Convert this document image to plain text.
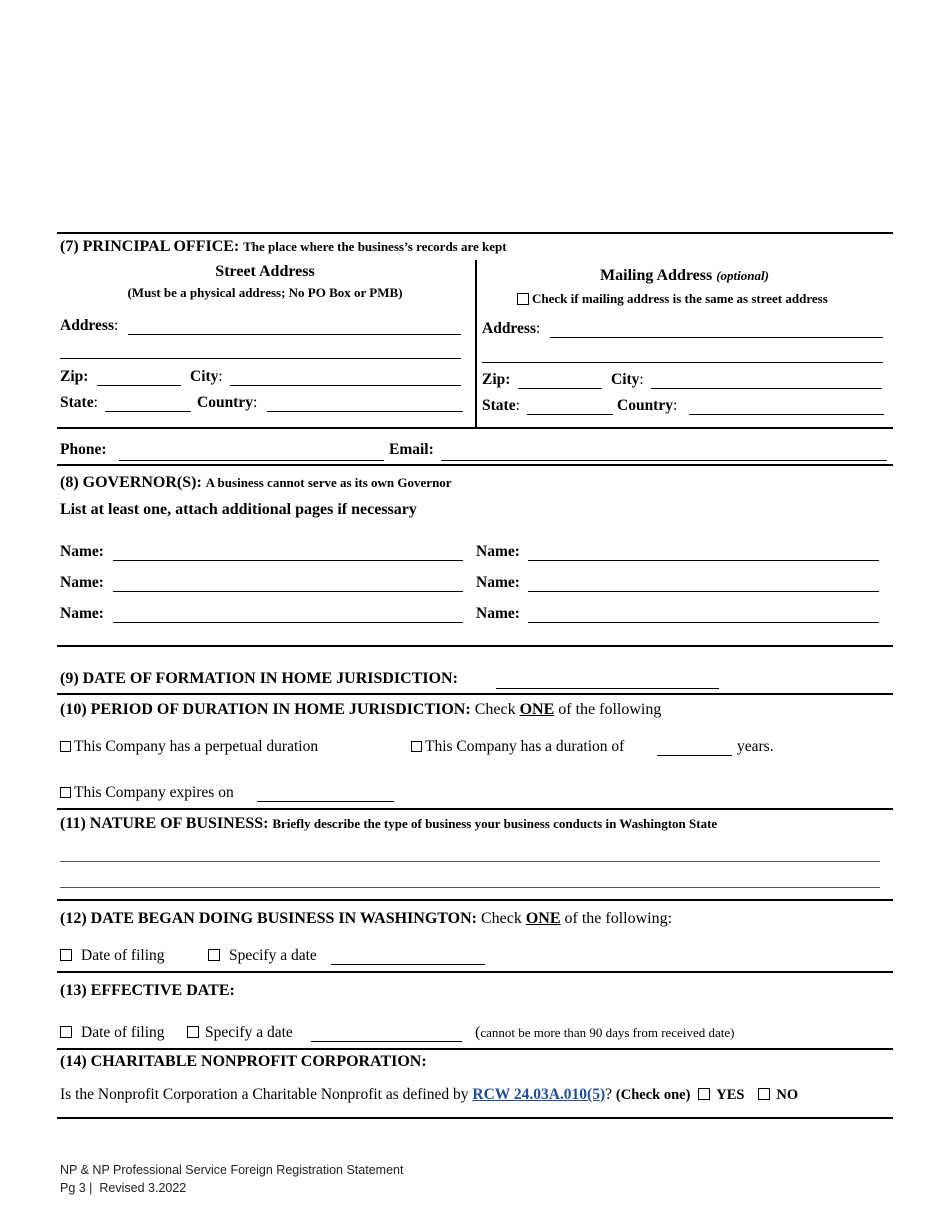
(7) PRINCIPAL OFFICE: The place where the business’s records are kept
Street Address
(Must be a physical address; No PO Box or PMB)
Address:
Zip:	City:
State:	Country:
Mailing Address (optional)
Check if mailing address is the same as street address
Address:
Zip:	City:
State:	Country:
Phone:	Email:
(8) GOVERNOR(S): A business cannot serve as its own Governor
List at least one, attach additional pages if necessary
Name:	Name:
Name:	Name:
Name:	Name:
(9) DATE OF FORMATION IN HOME JURISDICTION:
(10) PERIOD OF DURATION IN HOME JURISDICTION: Check ONE of the following
This Company has a perpetual duration	This Company has a duration of	years.
This Company expires on
(11) NATURE OF BUSINESS: Briefly describe the type of business your business conducts in Washington State
(12) DATE BEGAN DOING BUSINESS IN WASHINGTON: Check ONE of the following:
Date of filing	Specify a date
(13) EFFECTIVE DATE:
Date of filing	Specify a date	(cannot be more than 90 days from received date)
(14) CHARITABLE NONPROFIT CORPORATION:
Is the Nonprofit Corporation a Charitable Nonprofit as defined by RCW 24.03A.010(5)? (Check one) YES NO
NP & NP Professional Service Foreign Registration Statement
Pg 3 |  Revised 3.2022
